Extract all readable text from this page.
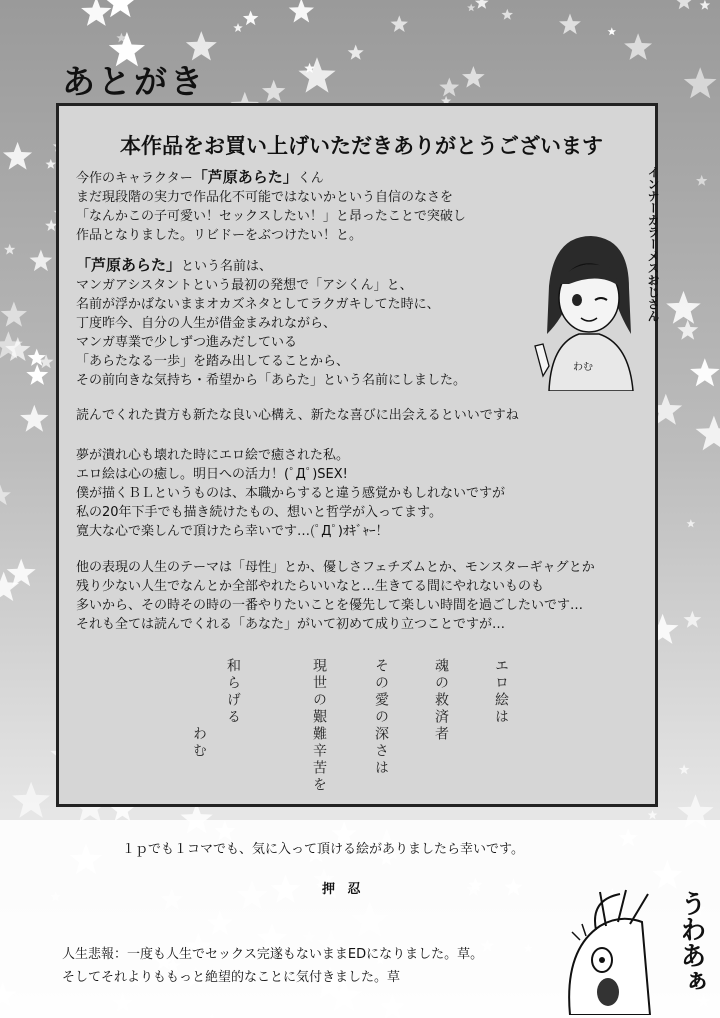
あとがき
本作品をお買い上げいただきありがとうございます
今作のキャラクター「芦原あらた」くん
まだ現段階の実力で作品化不可能ではないかという自信のなさを
「なんかこの子可愛い！セックスしたい！」と昂ったことで突破し
作品となりました。リビドーをぶつけたい！と。
「芦原あらた」という名前は、
マンガアシスタントという最初の発想で「アシくん」と、
名前が浮かばないままオカズネタとしてラクガキしてた時に、
丁度昨今、自分の人生が借金まみれながら、
マンガ専業で少しずつ進みだしている
「あらたなる一歩」を踏み出してることから、
その前向きな気持ち・希望から「あらた」という名前にしました。
読んでくれた貴方も新たな良い心構え、新たな喜びに出会えるといいですね
夢が潰れ心も壊れた時にエロ絵で癒された私。
エロ絵は心の癒し。明日への活力！(ﾟДﾟ)SEX!
僕が描くＢＬというものは、本職からすると違う感覚かもしれないですが
私の20年下手でも描き続けたもの、想いと哲学が入ってます。
寛大な心で楽しんで頂けたら幸いです…(ﾟДﾟ)ｵｷﾞｬｰ！
他の表現の人生のテーマは「母性」とか、優しさフェチズムとか、モンスターギャグとか
残り少ない人生でなんとか全部やれたらいいなと…生きてる間にやれないものも
多いから、その時その時の一番やりたいことを優先して楽しい時間を過ごしたいです…
それも全ては読んでくれる「あなた」がいて初めて成り立つことですが…
エロ絵は
魂の救済者
その愛の深さは
現世の艱難辛苦を
和らげる
わむ
わむ
インナーカラーメスおじさん
１ｐでも１コマでも、気に入って頂ける絵がありましたら幸いです。
押 忍
人生悲報：一度も人生でセックス完遂もないままEDになりました。草。
そしてそれよりももっと絶望的なことに気付きました。草	うわあぁ
